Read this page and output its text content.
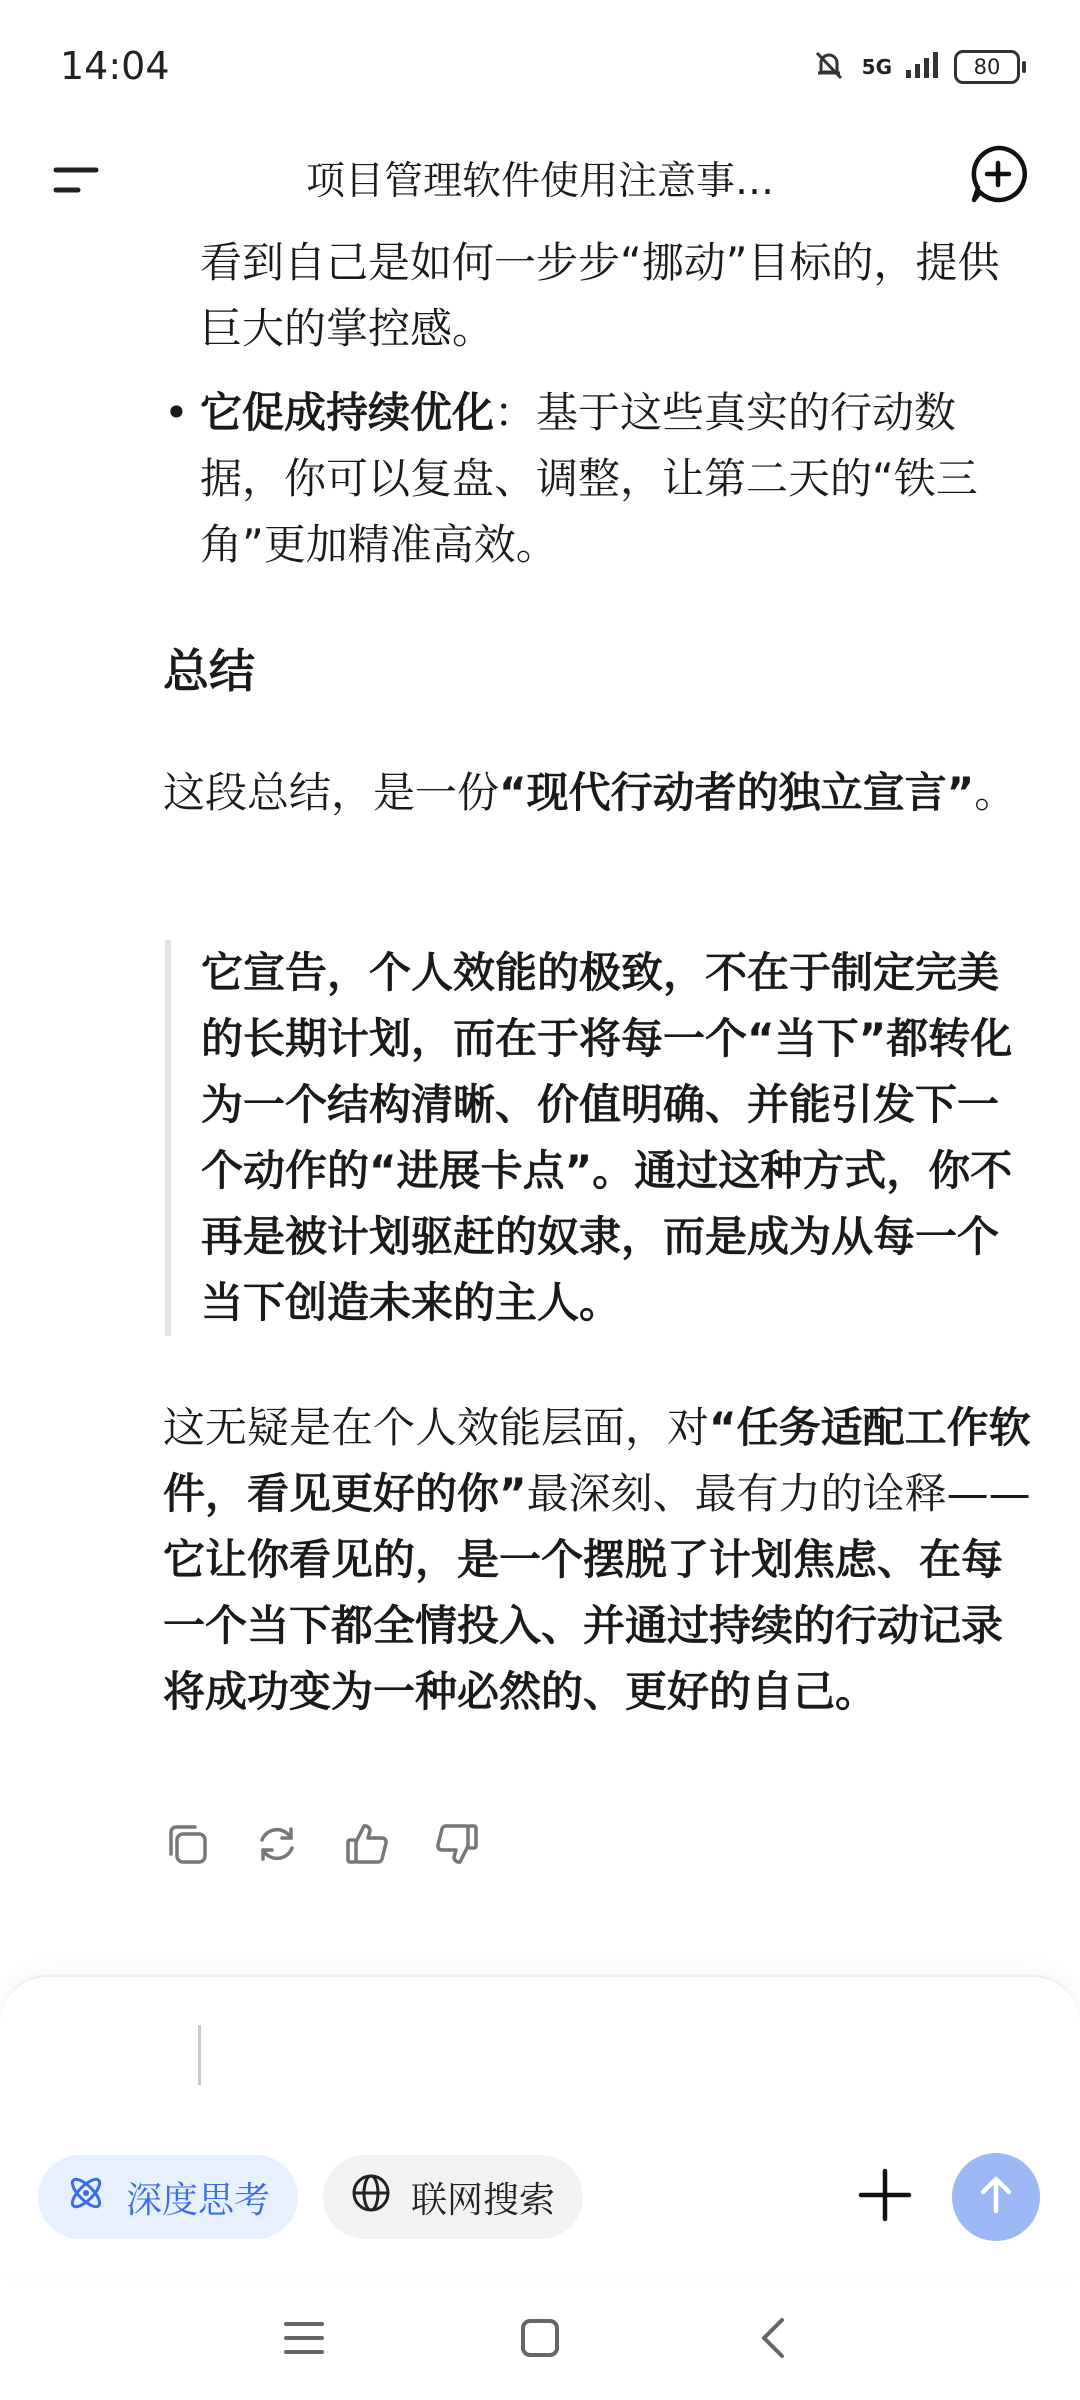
14:04	5G	80
项目管理软件使用注意事…
看到自己是如何一步步“挪动”目标的，提供巨大的掌控感。
• 它促成持续优化：基于这些真实的行动数据，你可以复盘、调整，让第二天的“铁三角”更加精准高效。
总结
这段总结，是一份“现代行动者的独立宣言”。
它宣告，个人效能的极致，不在于制定完美的长期计划，而在于将每一个“当下”都转化为一个结构清晰、价值明确、并能引发下一个动作的“进展卡点”。通过这种方式，你不再是被计划驱赶的奴隶，而是成为从每一个当下创造未来的主人。
这无疑是在个人效能层面，对“任务适配工作软件，看见更好的你”最深刻、最有力的诠释——它让你看见的，是一个摆脱了计划焦虑、在每一个当下都全情投入、并通过持续的行动记录将成功变为一种必然的、更好的自己。
深度思考	联网搜索
